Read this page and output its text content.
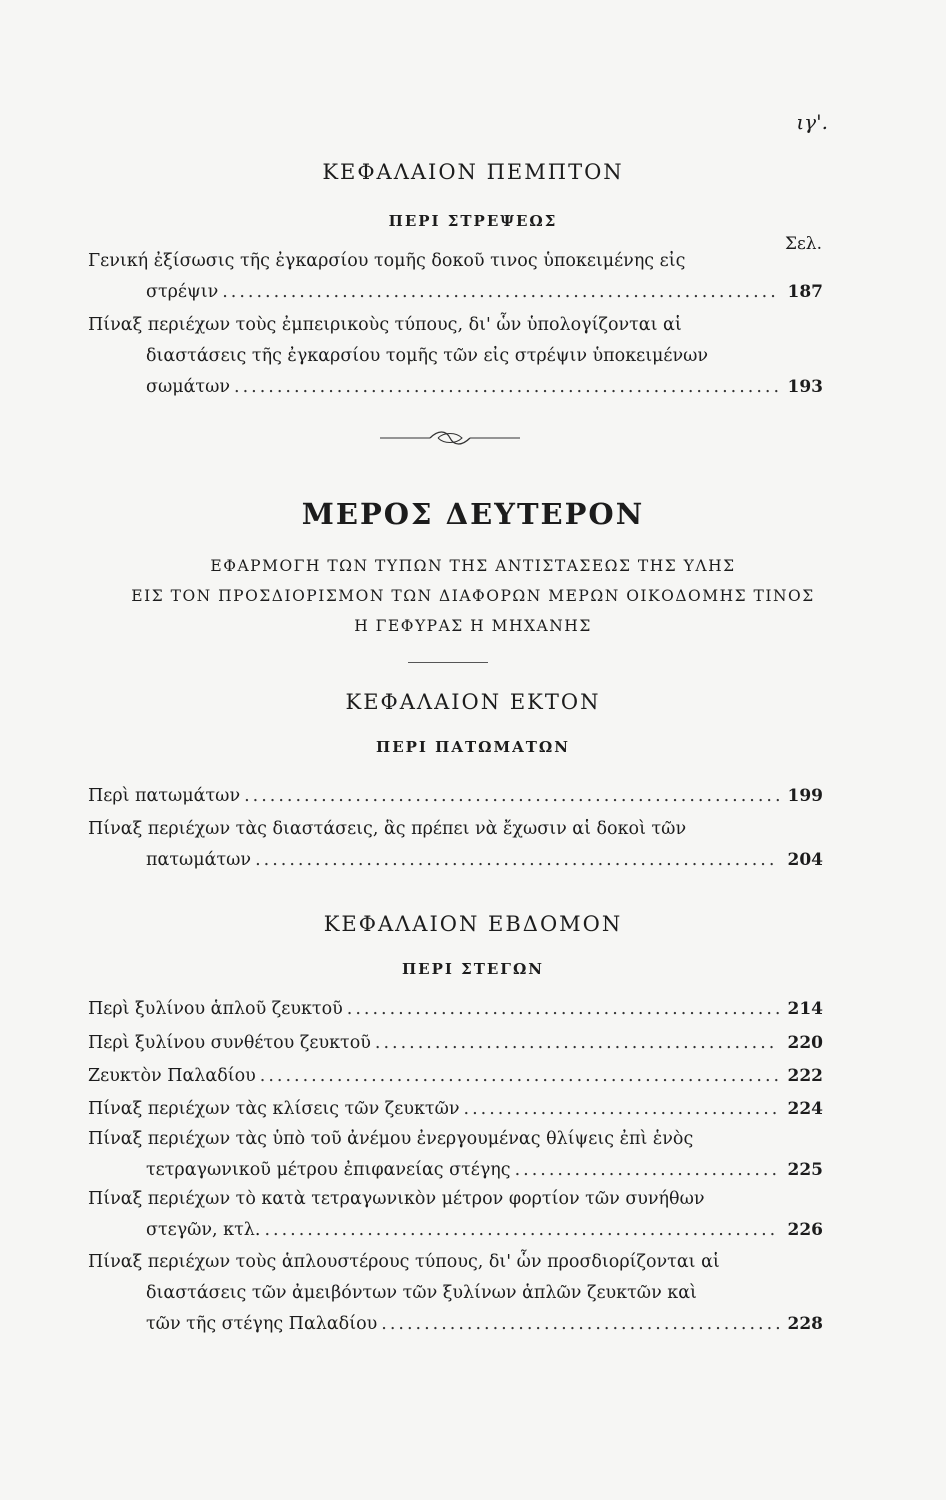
ιγ'.
ΚΕΦΑΛΑΙΟΝ ΠΕΜΠΤΟΝ
ΠΕΡΙ ΣΤΡΕΨΕΩΣ
Σελ.
Γενική ἐξίσωσις τῆς ἐγκαρσίου τομῆς δοκοῦ τινος ὑποκειμένης εἰς
στρέψιν .....	187
Πίναξ περιέχων τοὺς ἐμπειρικοὺς τύπους, δι' ὧν ὑπολογίζονται αἱ
διαστάσεις τῆς ἐγκαρσίου τομῆς τῶν εἰς στρέψιν ὑποκειμένων
σωμάτων .....	193
ΜΕΡΟΣ ΔΕΥΤΕΡΟΝ
ΕΦΑΡΜΟΓΗ ΤΩΝ ΤΥΠΩΝ ΤΗΣ ΑΝΤΙΣΤΑΣΕΩΣ ΤΗΣ ΥΛΗΣ
ΕΙΣ ΤΟΝ ΠΡΟΣΔΙΟΡΙΣΜΟΝ ΤΩΝ ΔΙΑΦΟΡΩΝ ΜΕΡΩΝ ΟΙΚΟΔΟΜΗΣ ΤΙΝΟΣ
Η ΓΕΦΥΡΑΣ Η ΜΗΧΑΝΗΣ
ΚΕΦΑΛΑΙΟΝ ΕΚΤΟΝ
ΠΕΡΙ ΠΑΤΩΜΑΤΩΝ
Περὶ πατωμάτων .....	199
Πίναξ περιέχων τὰς διαστάσεις, ἃς πρέπει νὰ ἔχωσιν αἱ δοκοὶ τῶν
πατωμάτων .....	204
ΚΕΦΑΛΑΙΟΝ ΕΒΔΟΜΟΝ
ΠΕΡΙ ΣΤΕΓΩΝ
Περὶ ξυλίνου ἁπλοῦ ζευκτοῦ .....	214
Περὶ ξυλίνου συνθέτου ζευκτοῦ .....	220
Ζευκτὸν Παλαδίου .....	222
Πίναξ περιέχων τὰς κλίσεις τῶν ζευκτῶν .....	224
Πίναξ περιέχων τὰς ὑπὸ τοῦ ἀνέμου ἐνεργουμένας θλίψεις ἐπὶ ἑνὸς
τετραγωνικοῦ μέτρου ἐπιφανείας στέγης .....	225
Πίναξ περιέχων τὸ κατὰ τετραγωνικὸν μέτρον φορτίον τῶν συνήθων
στεγῶν, κτλ. .....	226
Πίναξ περιέχων τοὺς ἁπλουστέρους τύπους, δι' ὧν προσδιορίζονται αἱ
διαστάσεις τῶν ἀμειβόντων τῶν ξυλίνων ἁπλῶν ζευκτῶν καὶ
τῶν τῆς στέγης Παλαδίου .....	228
